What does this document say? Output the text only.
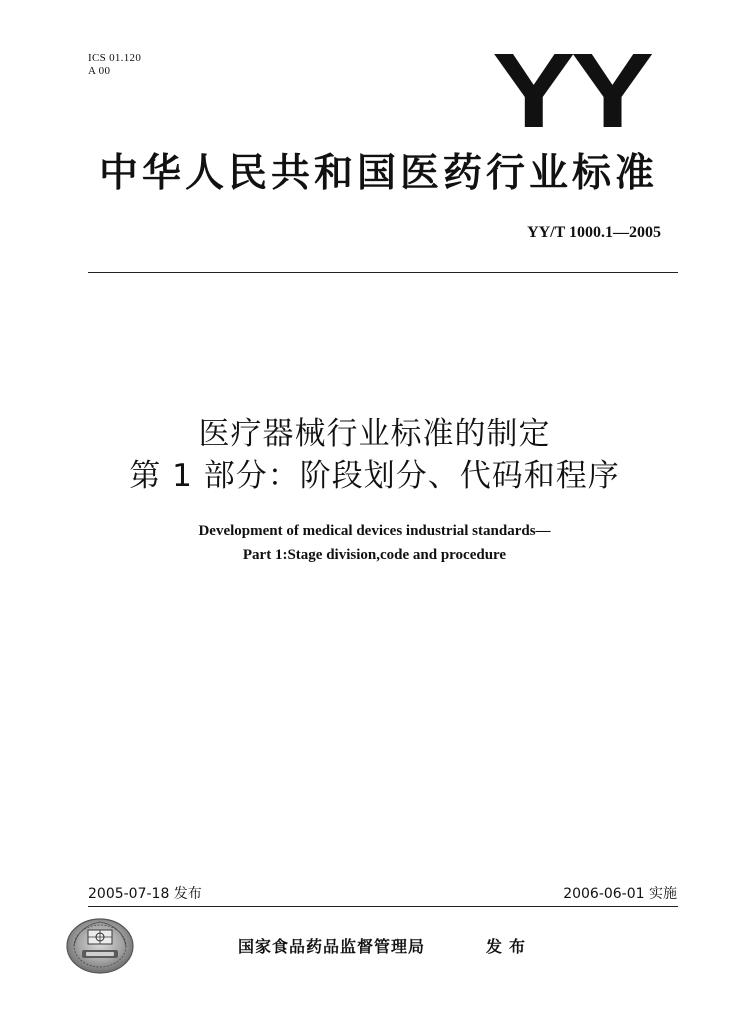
ICS 01.120
A 00	YY
中华人民共和国医药行业标准
YY/T 1000.1—2005
医疗器械行业标准的制定
第 1 部分：阶段划分、代码和程序
Development of medical devices industrial standards—
Part 1:Stage division,code and procedure
2005-07-18 发布	2006-06-01 实施
国家食品药品监督管理局	发布
